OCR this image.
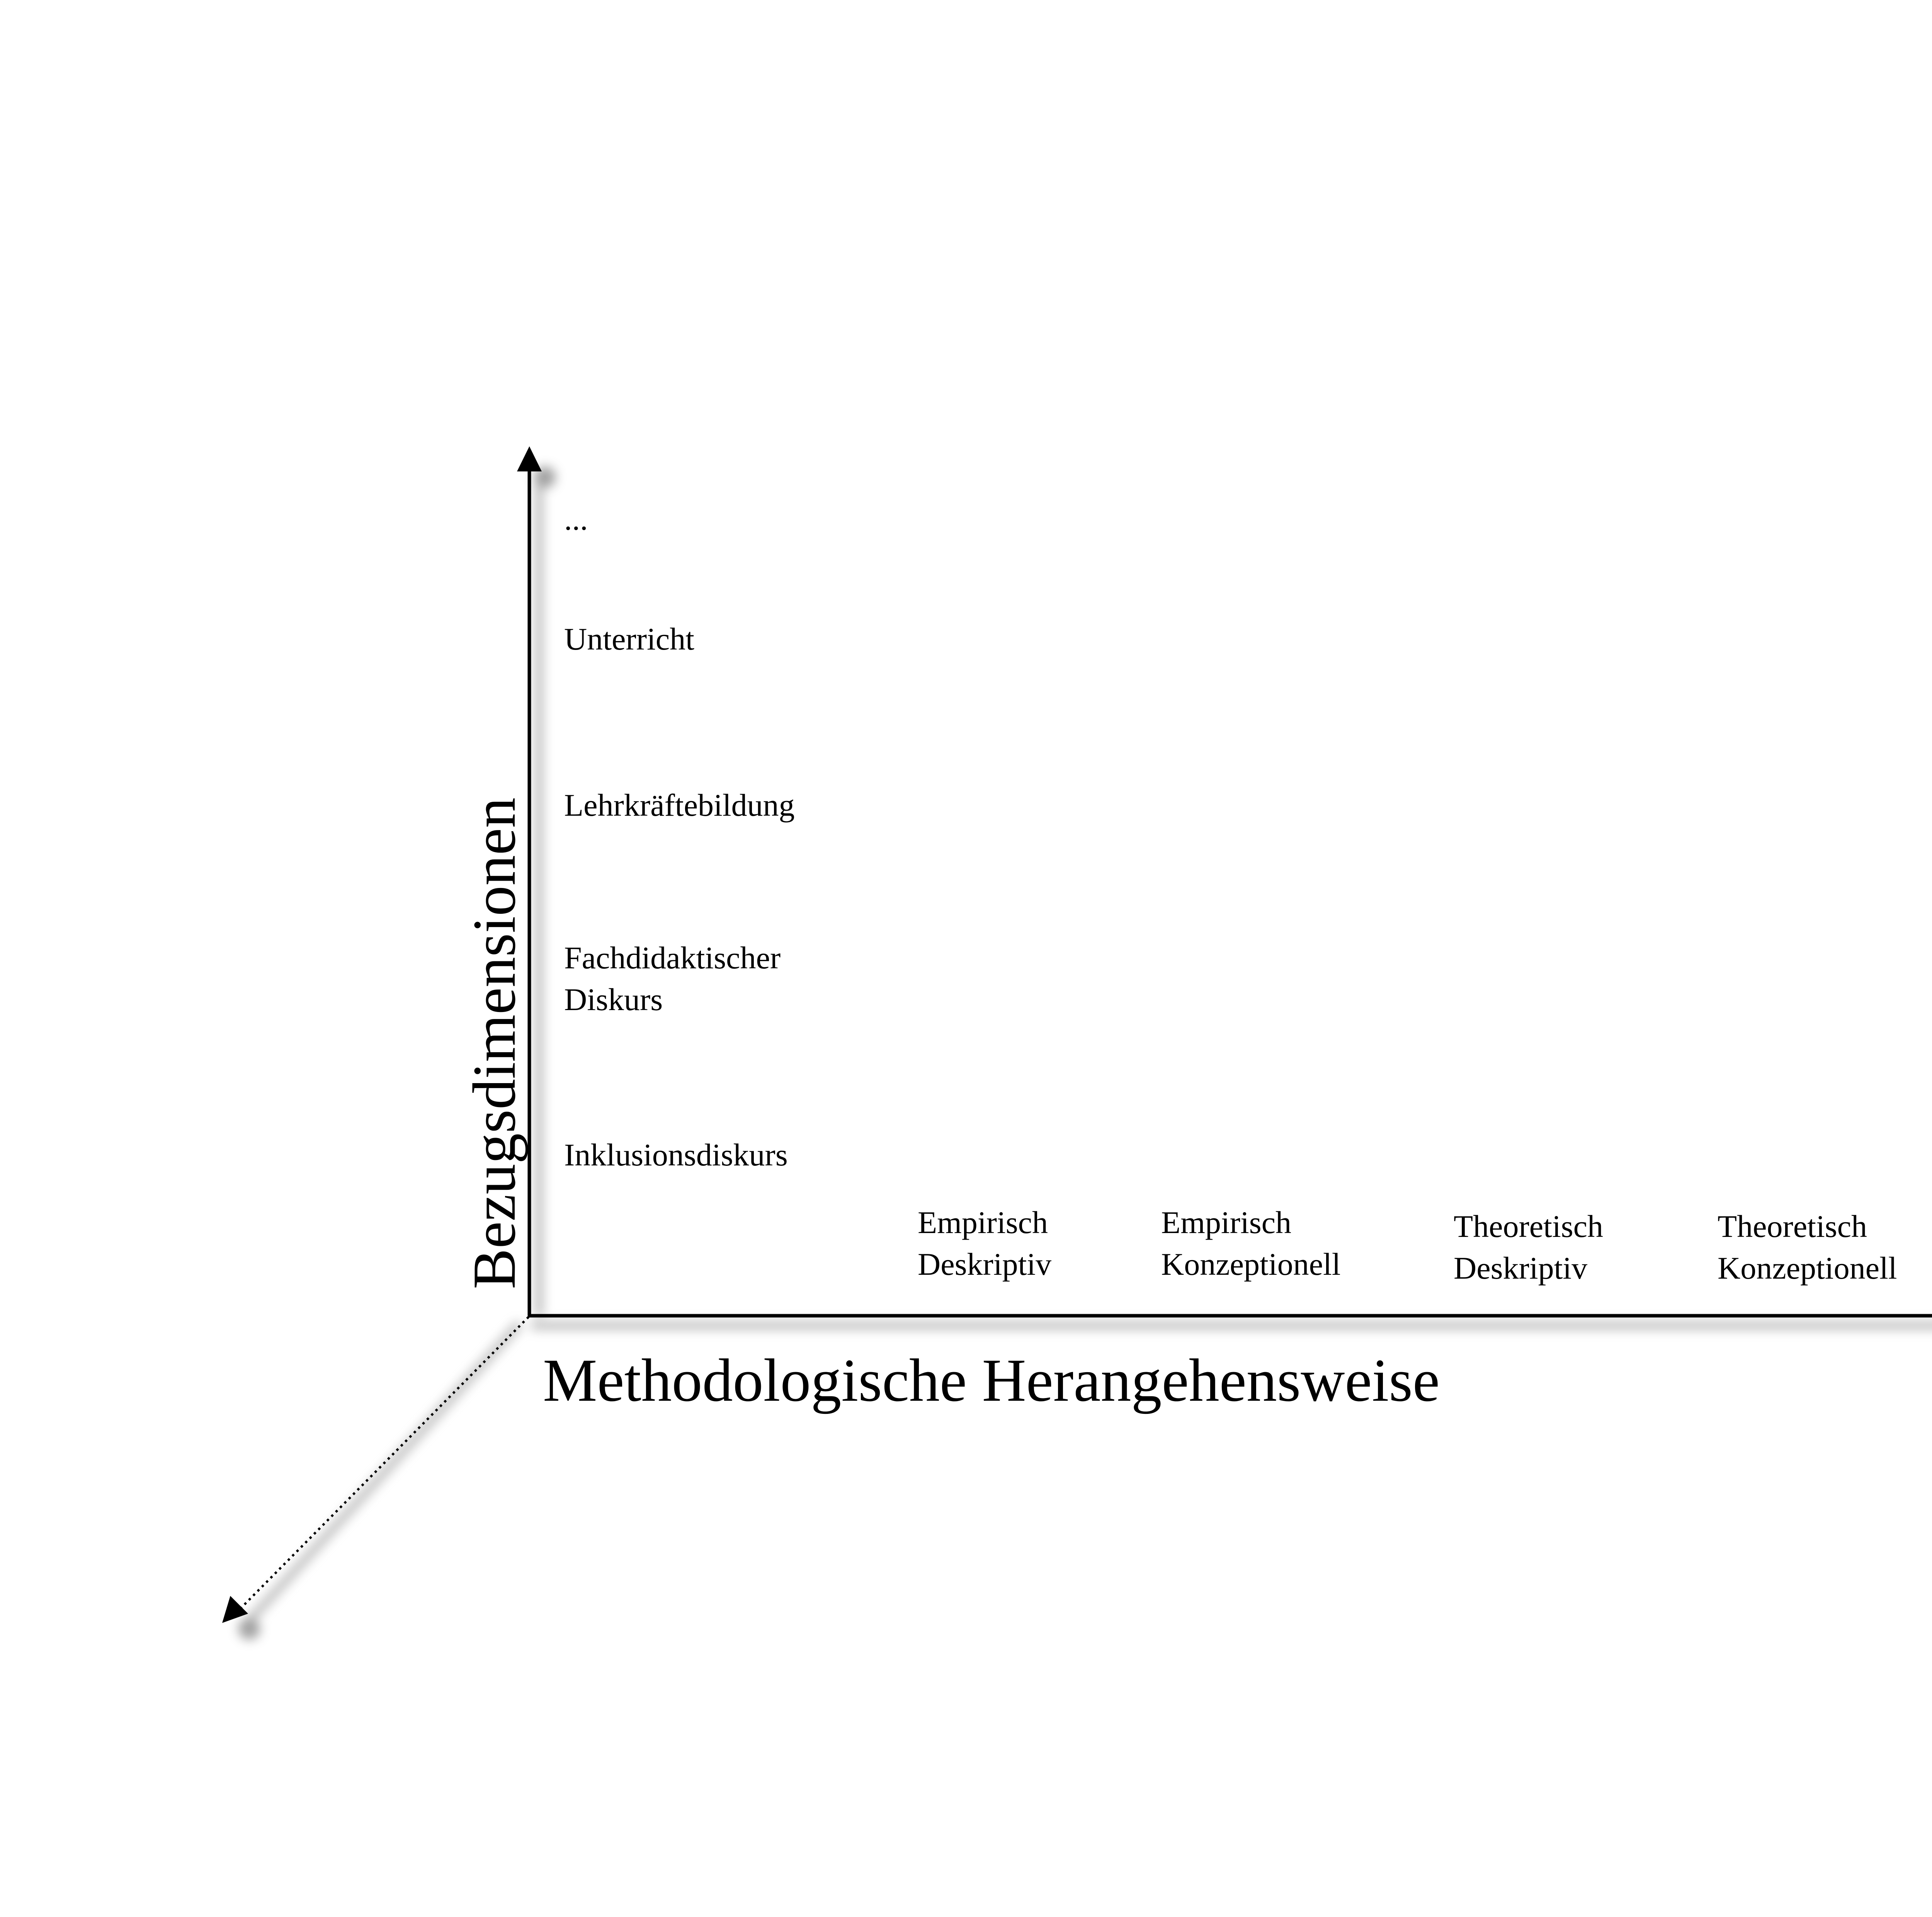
Bezugsdimensionen
Methodologische Herangehensweise
Inklusionsdiskurs
Fachdidaktischer
Diskurs
Lehrkräftebildung
Unterricht
...
Empirisch
Deskriptiv
Empirisch
Konzeptionell
Theoretisch
Deskriptiv
Theoretisch
Konzeptionell
